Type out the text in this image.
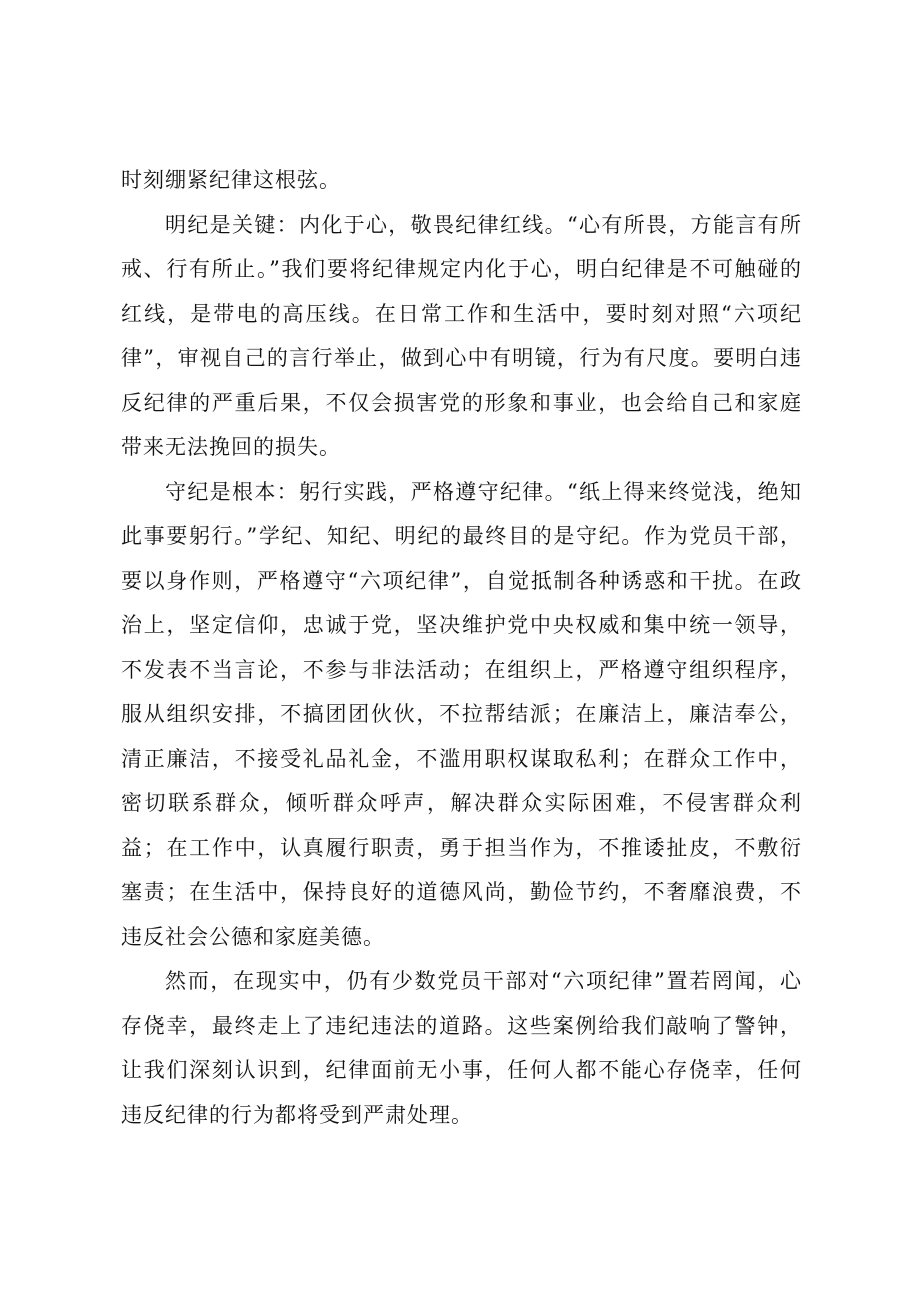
时刻绷紧纪律这根弦。

明纪是关键：内化于心，敬畏纪律红线。“心有所畏，方能言有所戒、行有所止。”我们要将纪律规定内化于心，明白纪律是不可触碰的红线，是带电的高压线。在日常工作和生活中，要时刻对照“六项纪律”，审视自己的言行举止，做到心中有明镜，行为有尺度。要明白违反纪律的严重后果，不仅会损害党的形象和事业，也会给自己和家庭带来无法挽回的损失。

守纪是根本：躬行实践，严格遵守纪律。“纸上得来终觉浅，绝知此事要躬行。”学纪、知纪、明纪的最终目的是守纪。作为党员干部，要以身作则，严格遵守“六项纪律”，自觉抵制各种诱惑和干扰。在政治上，坚定信仰，忠诚于党，坚决维护党中央权威和集中统一领导，不发表不当言论，不参与非法活动；在组织上，严格遵守组织程序，服从组织安排，不搞团团伙伙，不拉帮结派；在廉洁上，廉洁奉公，清正廉洁，不接受礼品礼金，不滥用职权谋取私利；在群众工作中，密切联系群众，倾听群众呼声，解决群众实际困难，不侵害群众利益；在工作中，认真履行职责，勇于担当作为，不推诿扯皮，不敷衍塞责；在生活中，保持良好的道德风尚，勤俭节约，不奢靡浪费，不违反社会公德和家庭美德。

然而，在现实中，仍有少数党员干部对“六项纪律”置若罔闻，心存侥幸，最终走上了违纪违法的道路。这些案例给我们敲响了警钟，让我们深刻认识到，纪律面前无小事，任何人都不能心存侥幸，任何违反纪律的行为都将受到严肃处理。
